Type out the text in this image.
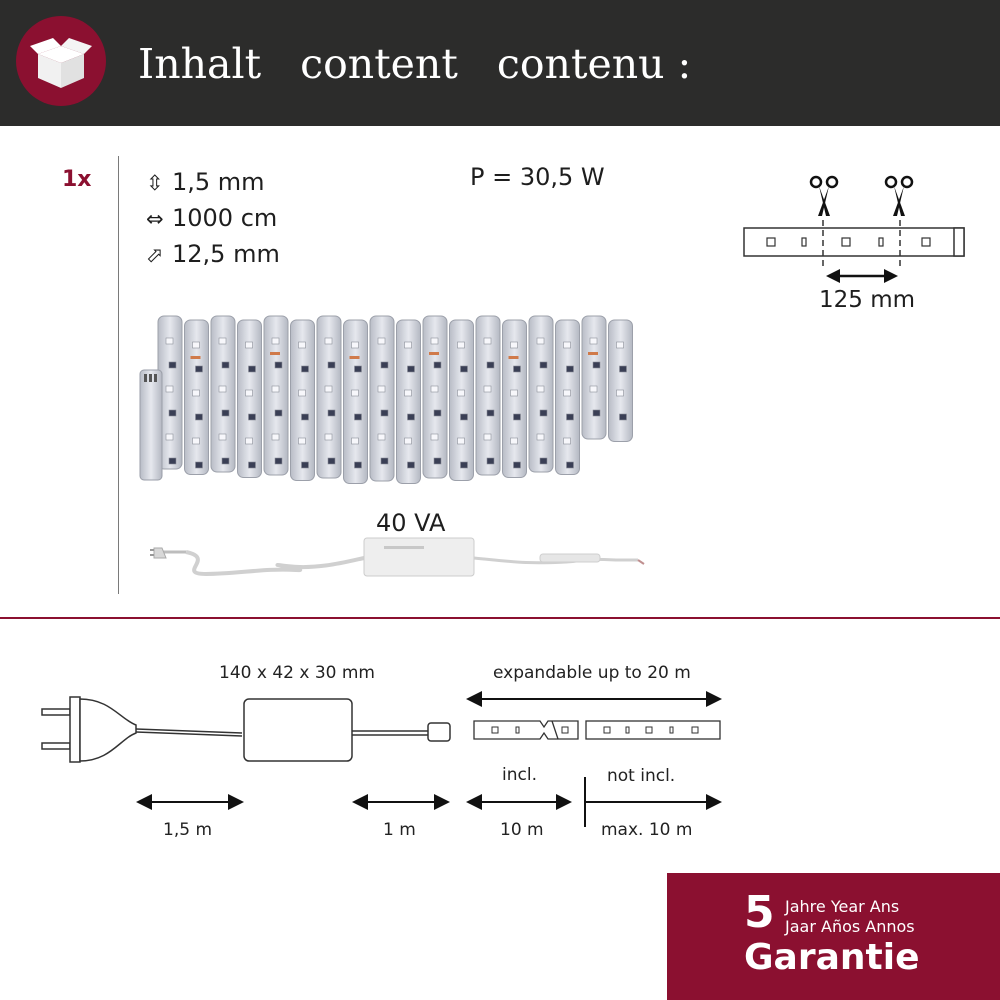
Inhalt   content   contenu :
1x	⇳ 1,5 mm
⇔ 1000 cm
⬀ 12,5 mm
P = 30,5 W
40 VA
125 mm
140 x 42 x 30 mm	expandable up to 20 m
incl.	not incl.
1,5 m	1 m	10 m	max. 10 m
5 Jahre Year Ans
Jaar Años Annos
Garantie
